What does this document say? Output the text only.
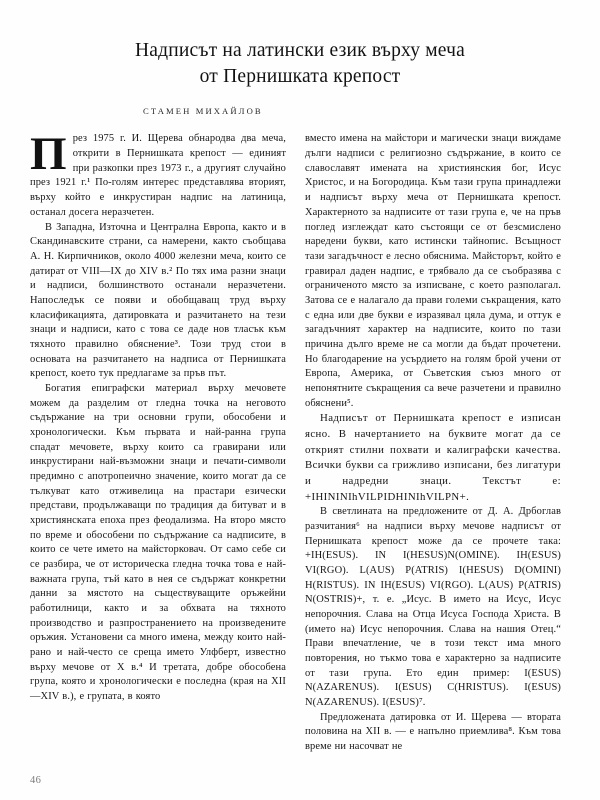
Надписът на латински език върху меча
от Пернишката крепост
СТАМЕН МИХАЙЛОВ

През 1975 г. И. Щерева обнародва два меча, открити в Пернишката крепост — единият при разкопки през 1973 г., а другият случайно през 1921 г.¹ По-голям интерес представлява вторият, върху който е инкрустиран надпис на латиница, останал досега неразчетен.

В Западна, Източна и Централна Европа, както и в Скандинавските страни, са намерени, както съобщава А. Н. Кирпичников, около 4000 железни меча, които се датират от VIII—IX до XIV в.² По тях има разни знаци и надписи, болшинството останали неразчетени. Напоследък се появи и обобщаващ труд върху класификацията, датировката и разчитането на тези знаци и надписи, като с това се даде нов тласък към тяхното правилно обяснение³. Този труд стои в основата на разчитането на надписа от Пернишката крепост, което тук предлагаме за пръв път.

Богатия епиграфски материал върху мечовете можем да разделим от гледна точка на неговото съдържание на три основни групи, обособени и хронологически. Към първата и най-ранна група спадат мечовете, върху които са гравирани или инкрустирани най-възможни знаци и печати-символи предимно с апотропеично значение, които могат да се тълкуват като отживелица на прастари езически представи, продължаващи по традиция да битуват и в християнската епоха през феодализма. На второ място по време и обособени по съдържание са надписите, в които се чете името на майсторковач. От само себе си се разбира, че от историческа гледна точка това е най-важната група, тъй като в нея се съдържат конкретни данни за мястото на съществуващите оръжейни работилници, както и за обхвата на тяхното производство и разпространението на произведените оръжия. Установени са много имена, между които най-рано и най-често се среща името Улфберт, известно върху мечове от X в.⁴ И третата, добре обособена група, която и хронологически е последна (края на XII—XIV в.), е групата, в която

вместо имена на майстори и магически знаци виждаме дълги надписи с религиозно съдържание, в които се славославят имената на християнския бог, Исус Христос, и на Богородица. Към тази група принадлежи и надписът върху меча от Пернишката крепост. Характерното за надписите от тази група е, че на пръв поглед изглеждат като състоящи се от безсмислено наредени букви, като истински тайнопис. Всъщност тази загадъчност е лесно обяснима. Майсторът, който е гравирал даден надпис, е трябвало да се съобразява с ограниченото място за изписване, с което разполагал. Затова се е налагало да прави големи съкращения, като с една или две букви е изразявал цяла дума, и оттук е загадъчният характер на надписите, които по тази причина дълго време не са могли да бъдат прочетени. Но благодарение на усърдието на голям брой учени от Европа, Америка, от Съветския съюз много от непонятните съкращения са вече разчетени и правилно обяснени⁵.

Надписът от Пернишката крепост е изписан ясно. В начертанието на буквите могат да се открият стилни похвати и калиграфски качества. Всички букви са грижливо изписани, без лигатури и надредни знаци. Текстът е: +IHININIhVILPIDHINIhVILPN+.

В светлината на предложените от Д. А. Дрбоглав разчитания⁶ на надписи върху мечове надписът от Пернишката крепост може да се прочете така: +IH(ESUS). IN I(HESUS)N(OMINE). IH(ESUS) VI(RGO). L(AUS) P(ATRIS) I(HESUS) D(OMINI) H(RISTUS). IN IH(ESUS) VI(RGO). L(AUS) P(ATRIS) N(OSTRIS)+, т. е. „Исус. В името на Исус, Исус непорочния. Слава на Отца Исуса Господа Христа. В (името на) Исус непорочния. Слава на нашия Отец.“ Прави впечатление, че в този текст има много повторения, но тъкмо това е характерно за надписите от тази група. Ето един пример: I(ESUS) N(AZARENUS). I(ESUS) C(HRISTUS). I(ESUS) N(AZARENUS). I(ESUS)⁷.

Предложената датировка от И. Щерева — втората половина на XII в. — е напълно приемлива⁸. Към това време ни насочват не

46
